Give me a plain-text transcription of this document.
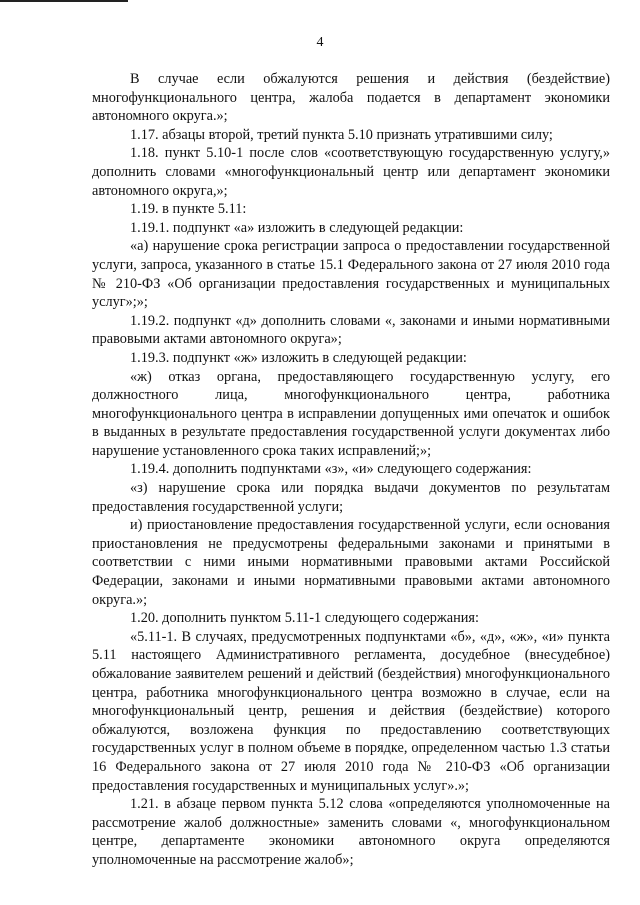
4

В случае если обжалуются решения и действия (бездействие) многофункционального центра, жалоба подается в департамент экономики автономного округа.»;

1.17. абзацы второй, третий пункта 5.10 признать утратившими силу;

1.18. пункт 5.10-1 после слов «соответствующую государственную услугу,» дополнить словами «многофункциональный центр или департамент экономики автономного округа,»;

1.19. в пункте 5.11:

1.19.1. подпункт «а» изложить в следующей редакции:

«а) нарушение срока регистрации запроса о предоставлении государственной услуги, запроса, указанного в статье 15.1 Федерального закона от 27 июля 2010 года № 210-ФЗ «Об организации предоставления государственных и муниципальных услуг»;»;

1.19.2. подпункт «д» дополнить словами «, законами и иными нормативными правовыми актами автономного округа»;

1.19.3. подпункт «ж» изложить в следующей редакции:

«ж) отказ органа, предоставляющего государственную услугу, его должностного лица, многофункционального центра, работника многофункционального центра в исправлении допущенных ими опечаток и ошибок в выданных в результате предоставления государственной услуги документах либо нарушение установленного срока таких исправлений;»;

1.19.4. дополнить подпунктами «з», «и» следующего содержания:

«з) нарушение срока или порядка выдачи документов по результатам предоставления государственной услуги;

и) приостановление предоставления государственной услуги, если основания приостановления не предусмотрены федеральными законами и принятыми в соответствии с ними иными нормативными правовыми актами Российской Федерации, законами и иными нормативными правовыми актами автономного округа.»;

1.20. дополнить пунктом 5.11-1 следующего содержания:

«5.11-1. В случаях, предусмотренных подпунктами «б», «д», «ж», «и» пункта 5.11 настоящего Административного регламента, досудебное (внесудебное) обжалование заявителем решений и действий (бездействия) многофункционального центра, работника многофункционального центра возможно в случае, если на многофункциональный центр, решения и действия (бездействие) которого обжалуются, возложена функция по предоставлению соответствующих государственных услуг в полном объеме в порядке, определенном частью 1.3 статьи 16 Федерального закона от 27 июля 2010 года № 210-ФЗ «Об организации предоставления государственных и муниципальных услуг».»;

1.21. в абзаце первом пункта 5.12 слова «определяются уполномоченные на рассмотрение жалоб должностные» заменить словами «, многофункциональном центре, департаменте экономики автономного округа определяются уполномоченные на рассмотрение жалоб»;
